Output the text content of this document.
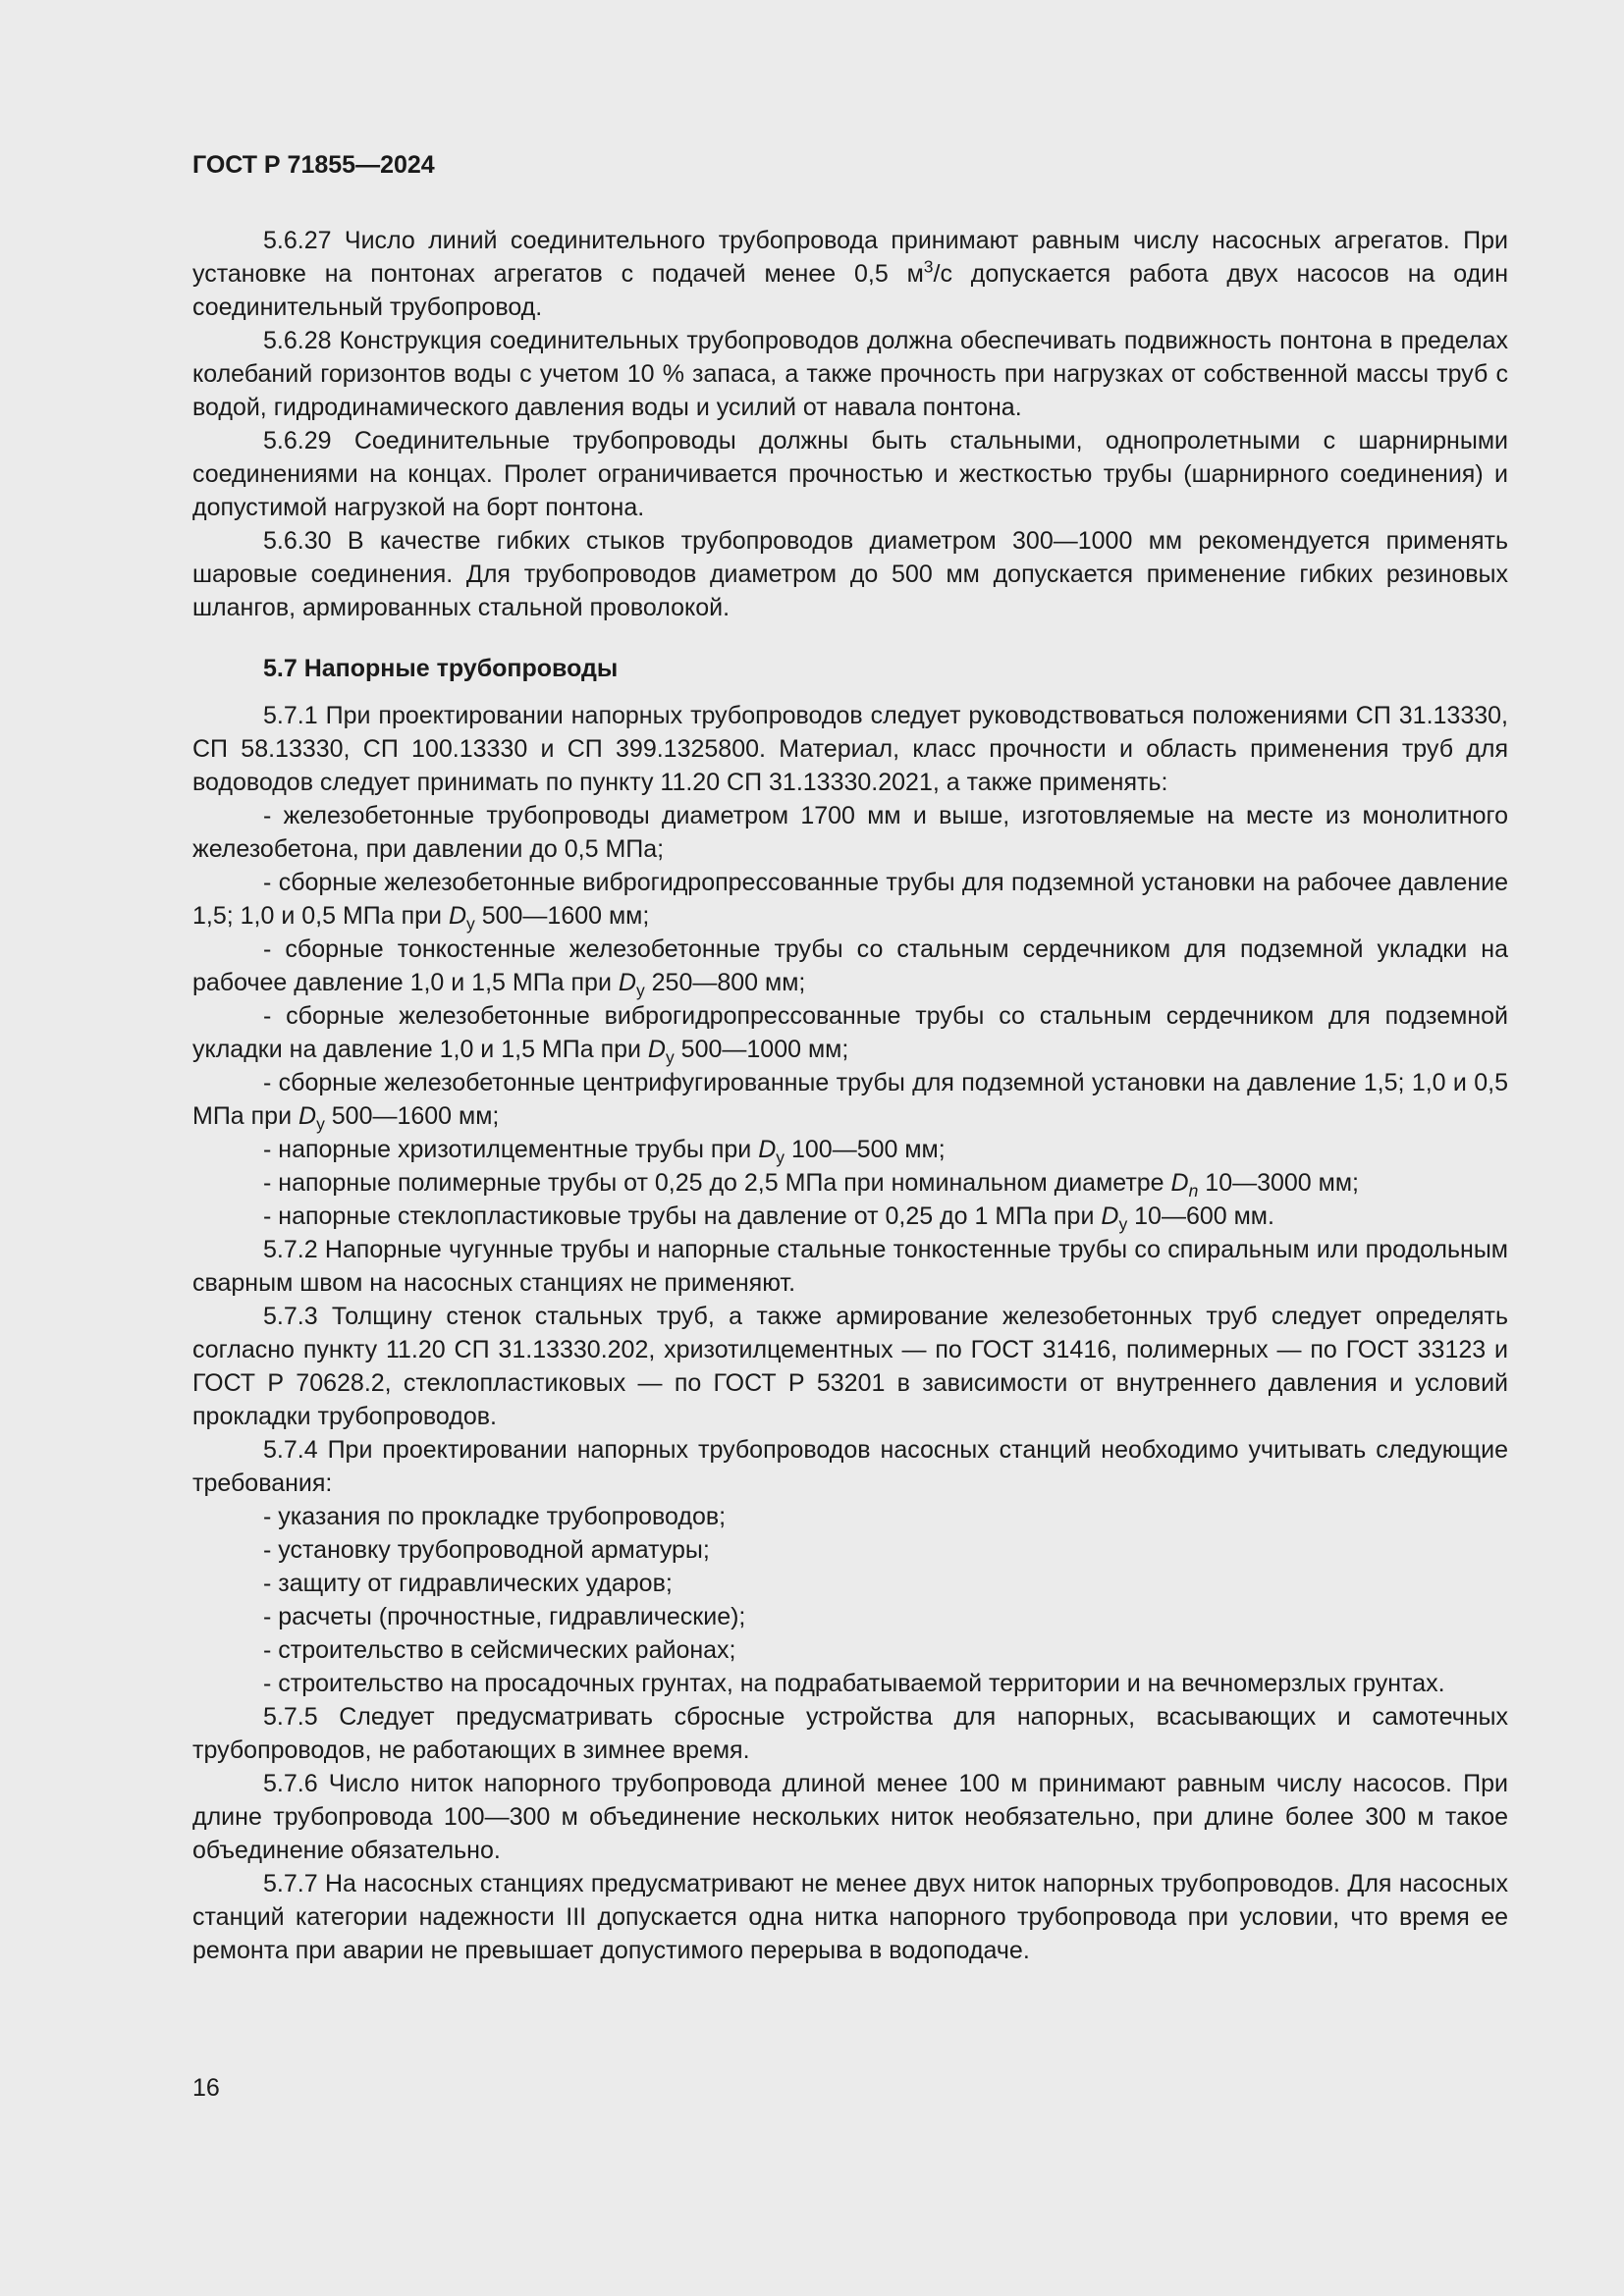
ГОСТ Р 71855—2024

5.6.27 Число линий соединительного трубопровода принимают равным числу насосных агрегатов. При установке на понтонах агрегатов с подачей менее 0,5 $м^3/с$ допускается работа двух насосов на один соединительный трубопровод.

5.6.28 Конструкция соединительных трубопроводов должна обеспечивать подвижность понтона в пределах колебаний горизонтов воды с учетом 10 % запаса, а также прочность при нагрузках от собственной массы труб с водой, гидродинамического давления воды и усилий от навала понтона.

5.6.29 Соединительные трубопроводы должны быть стальными, однопролетными с шарнирными соединениями на концах. Пролет ограничивается прочностью и жесткостью трубы (шарнирного соединения) и допустимой нагрузкой на борт понтона.

5.6.30 В качестве гибких стыков трубопроводов диаметром 300—1000 мм рекомендуется применять шаровые соединения. Для трубопроводов диаметром до 500 мм допускается применение гибких резиновых шлангов, армированных стальной проволокой.

5.7 Напорные трубопроводы

5.7.1 При проектировании напорных трубопроводов следует руководствоваться положениями СП 31.13330, СП 58.13330, СП 100.13330 и СП 399.1325800. Материал, класс прочности и область применения труб для водоводов следует принимать по пункту 11.20 СП 31.13330.2021, а также применять:

- железобетонные трубопроводы диаметром 1700 мм и выше, изготовляемые на месте из монолитного железобетона, при давлении до 0,5 МПа;

- сборные железобетонные виброгидропрессованные трубы для подземной установки на рабочее давление 1,5; 1,0 и 0,5 МПа при $D_y$ 500—1600 мм;

- сборные тонкостенные железобетонные трубы со стальным сердечником для подземной укладки на рабочее давление 1,0 и 1,5 МПа при $D_y$ 250—800 мм;

- сборные железобетонные виброгидропрессованные трубы со стальным сердечником для подземной укладки на давление 1,0 и 1,5 МПа при $D_y$ 500—1000 мм;

- сборные железобетонные центрифугированные трубы для подземной установки на давление 1,5; 1,0 и 0,5 МПа при $D_y$ 500—1600 мм;

- напорные хризотилцементные трубы при $D_y$ 100—500 мм;

- напорные полимерные трубы от 0,25 до 2,5 МПа при номинальном диаметре $D_n$ 10—3000 мм;

- напорные стеклопластиковые трубы на давление от 0,25 до 1 МПа при $D_y$ 10—600 мм.

5.7.2 Напорные чугунные трубы и напорные стальные тонкостенные трубы со спиральным или продольным сварным швом на насосных станциях не применяют.

5.7.3 Толщину стенок стальных труб, а также армирование железобетонных труб следует определять согласно пункту 11.20 СП 31.13330.202, хризотилцементных — по ГОСТ 31416, полимерных — по ГОСТ 33123 и ГОСТ Р 70628.2, стеклопластиковых — по ГОСТ Р 53201 в зависимости от внутреннего давления и условий прокладки трубопроводов.

5.7.4 При проектировании напорных трубопроводов насосных станций необходимо учитывать следующие требования:

- указания по прокладке трубопроводов;

- установку трубопроводной арматуры;

- защиту от гидравлических ударов;

- расчеты (прочностные, гидравлические);

- строительство в сейсмических районах;

- строительство на просадочных грунтах, на подрабатываемой территории и на вечномерзлых грунтах.

5.7.5 Следует предусматривать сбросные устройства для напорных, всасывающих и самотечных трубопроводов, не работающих в зимнее время.

5.7.6 Число ниток напорного трубопровода длиной менее 100 м принимают равным числу насосов. При длине трубопровода 100—300 м объединение нескольких ниток необязательно, при длине более 300 м такое объединение обязательно.

5.7.7 На насосных станциях предусматривают не менее двух ниток напорных трубопроводов. Для насосных станций категории надежности III допускается одна нитка напорного трубопровода при условии, что время ее ремонта при аварии не превышает допустимого перерыва в водоподаче.

16
